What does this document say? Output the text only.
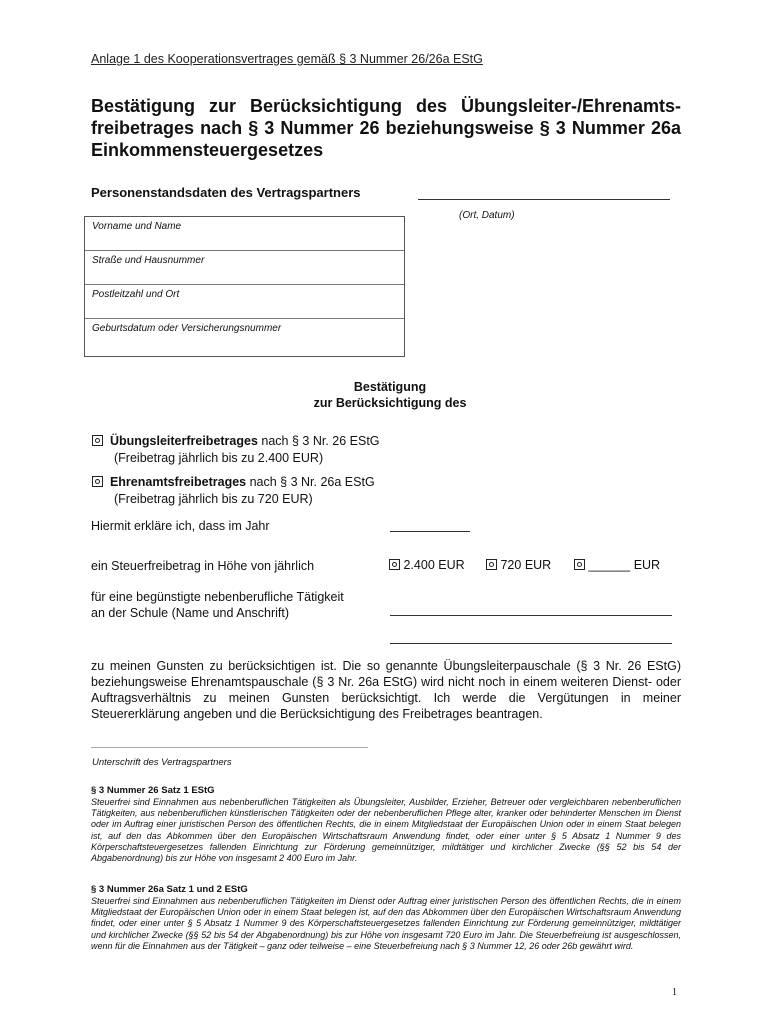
Anlage 1 des Kooperationsvertrages gemäß § 3 Nummer 26/26a EStG
Bestätigung zur Berücksichtigung des Übungsleiter-/Ehrenamts-
freibetrages nach § 3 Nummer 26 beziehungsweise § 3 Nummer 26a
Einkommensteuergesetzes
Personenstandsdaten des Vertragspartners
(Ort, Datum)
Vorname und Name
Straße und Hausnummer
Postleitzahl und Ort
Geburtsdatum oder Versicherungsnummer
Bestätigung
zur Berücksichtigung des
Übungsleiterfreibetrages nach § 3 Nr. 26 EStG
(Freibetrag jährlich bis zu 2.400 EUR)
Ehrenamtsfreibetrages nach § 3 Nr. 26a EStG
(Freibetrag jährlich bis zu 720 EUR)
Hiermit erkläre ich, dass im Jahr
ein Steuerfreibetrag in Höhe von jährlich	2.400 EUR	720 EUR	______ EUR
für eine begünstigte nebenberufliche Tätigkeit
an der Schule (Name und Anschrift)
zu meinen Gunsten zu berücksichtigen ist. Die so genannte Übungsleiterpauschale (§ 3 Nr. 26 EStG) beziehungsweise Ehrenamtspauschale (§ 3 Nr. 26a EStG) wird nicht noch in einem weiteren Dienst- oder Auftragsverhältnis zu meinen Gunsten berücksichtigt. Ich werde die Vergütungen in meiner Steuererklärung angeben und die Berücksichtigung des Freibetrages beantragen.
Unterschrift des Vertragspartners
§ 3 Nummer 26 Satz 1 EStG
Steuerfrei sind Einnahmen aus nebenberuflichen Tätigkeiten als Übungsleiter, Ausbilder, Erzieher, Betreuer oder vergleichbaren nebenberuflichen Tätigkeiten, aus nebenberuflichen künstlerischen Tätigkeiten oder der nebenberuflichen Pflege alter, kranker oder behinderter Menschen im Dienst oder im Auftrag einer juristischen Person des öffentlichen Rechts, die in einem Mitgliedstaat der Europäischen Union oder in einem Staat belegen ist, auf den das Abkommen über den Europäischen Wirtschaftsraum Anwendung findet, oder einer unter § 5 Absatz 1 Nummer 9 des Körperschaftsteuergesetzes fallenden Einrichtung zur Förderung gemeinnütziger, mildtätiger und kirchlicher Zwecke (§§ 52 bis 54 der Abgabenordnung) bis zur Höhe von insgesamt 2 400 Euro im Jahr.
§ 3 Nummer 26a Satz 1 und 2 EStG
Steuerfrei sind Einnahmen aus nebenberuflichen Tätigkeiten im Dienst oder Auftrag einer juristischen Person des öffentlichen Rechts, die in einem Mitgliedstaat der Europäischen Union oder in einem Staat belegen ist, auf den das Abkommen über den Europäischen Wirtschaftsraum Anwendung findet, oder einer unter § 5 Absatz 1 Nummer 9 des Körperschaftsteuergesetzes fallenden Einrichtung zur Förderung gemeinnütziger, mildtätiger und kirchlicher Zwecke (§§ 52 bis 54 der Abgabenordnung) bis zur Höhe von insgesamt 720 Euro im Jahr. Die Steuerbefreiung ist ausgeschlossen, wenn für die Einnahmen aus der Tätigkeit – ganz oder teilweise – eine Steuerbefreiung nach § 3 Nummer 12, 26 oder 26b gewährt wird.
1
